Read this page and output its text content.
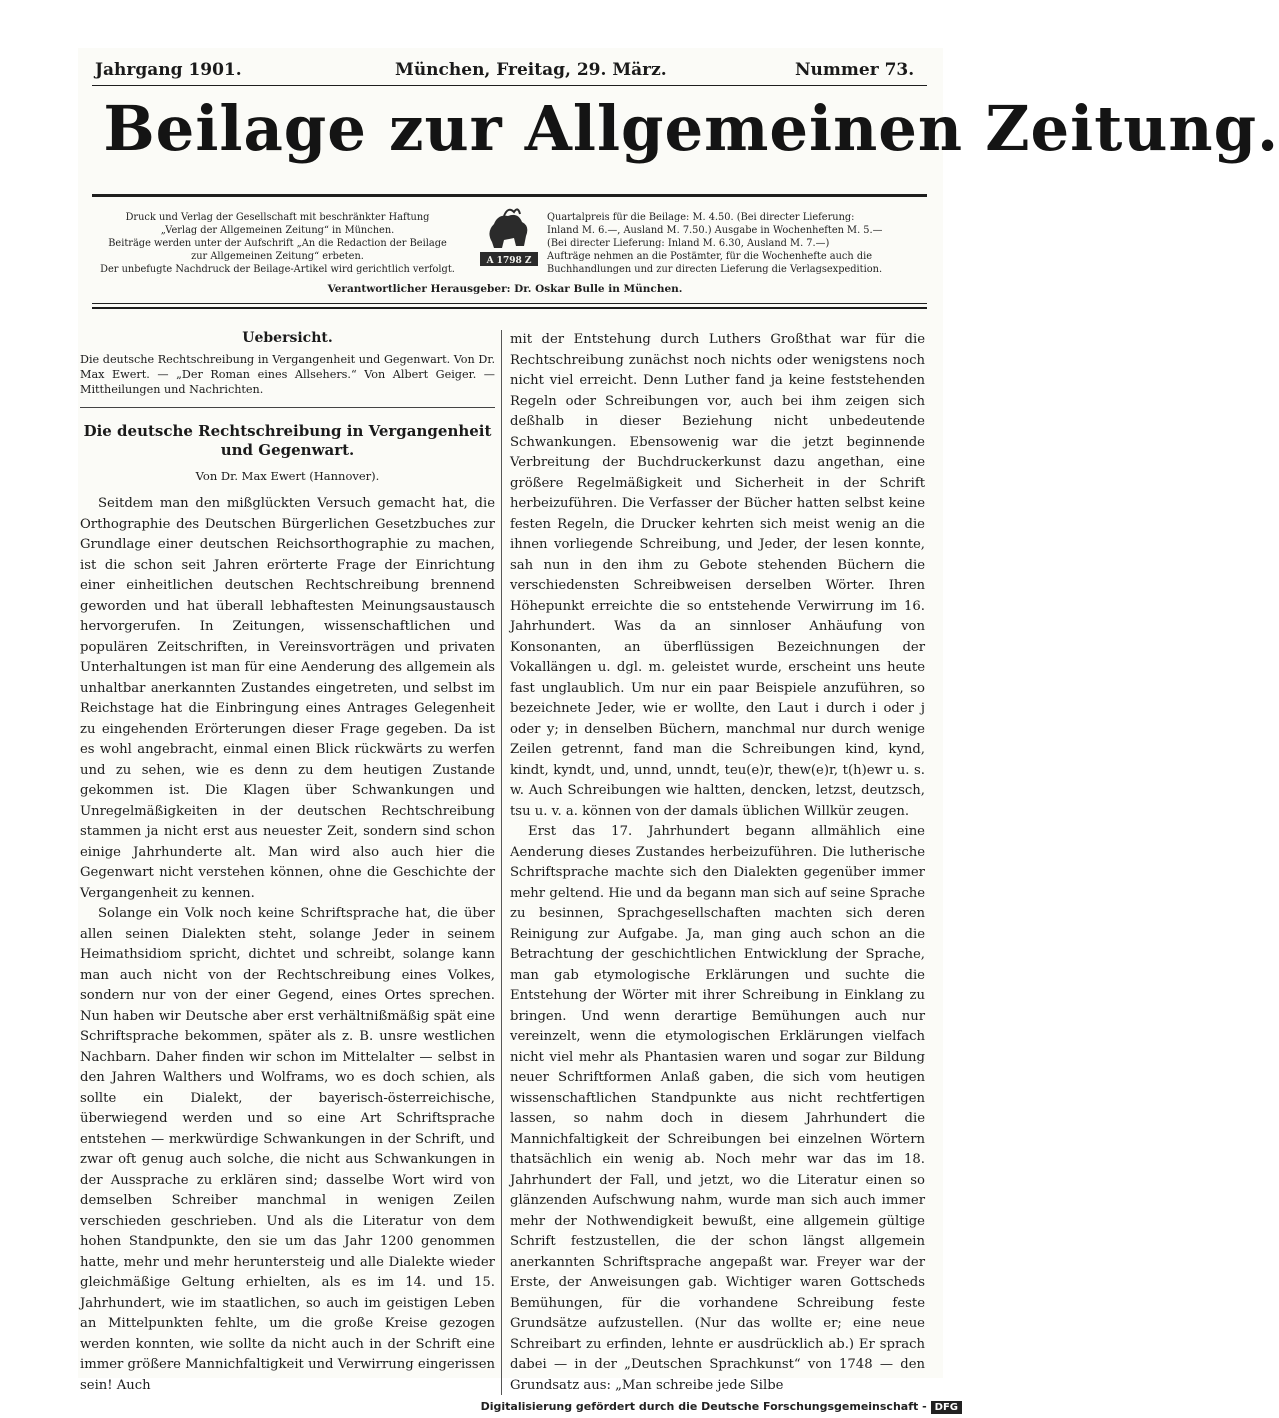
Jahrgang 1901.	München, Freitag, 29. März.	Nummer 73.
Beilage zur Allgemeinen Zeitung.
Druck und Verlag der Gesellschaft mit beschränkter Haftung
„Verlag der Allgemeinen Zeitung“ in München.
Beiträge werden unter der Aufschrift „An die Redaction der Beilage
zur Allgemeinen Zeitung“ erbeten.
Der unbefugte Nachdruck der Beilage-Artikel wird gerichtlich verfolgt.
A 1798 Z
Quartalpreis für die Beilage: M. 4.50. (Bei directer Lieferung:
Inland M. 6.—, Ausland M. 7.50.) Ausgabe in Wochenheften M. 5.—
(Bei directer Lieferung: Inland M. 6.30, Ausland M. 7.—)
Aufträge nehmen an die Postämter, für die Wochenhefte auch die
Buchhandlungen und zur directen Lieferung die Verlagsexpedition.
Verantwortlicher Herausgeber: Dr. Oskar Bulle in München.
Uebersicht.

Die deutsche Rechtschreibung in Vergangenheit und Gegenwart. Von Dr. Max Ewert. — „Der Roman eines Allsehers.“ Von Albert Geiger. — Mittheilungen und Nachrichten.

Die deutsche Rechtschreibung in Vergangenheit und Gegenwart.
Von Dr. Max Ewert (Hannover).

Seitdem man den mißglückten Versuch gemacht hat, die Orthographie des Deutschen Bürgerlichen Gesetzbuches zur Grundlage einer deutschen Reichsorthographie zu machen, ist die schon seit Jahren erörterte Frage der Einrichtung einer einheitlichen deutschen Rechtschreibung brennend geworden und hat überall lebhaftesten Meinungsaustausch hervorgerufen. In Zeitungen, wissenschaftlichen und populären Zeitschriften, in Vereinsvorträgen und privaten Unterhaltungen ist man für eine Aenderung des allgemein als unhaltbar anerkannten Zustandes eingetreten, und selbst im Reichstage hat die Einbringung eines Antrages Gelegenheit zu eingehenden Erörterungen dieser Frage gegeben. Da ist es wohl angebracht, einmal einen Blick rückwärts zu werfen und zu sehen, wie es denn zu dem heutigen Zustande gekommen ist. Die Klagen über Schwankungen und Unregelmäßigkeiten in der deutschen Rechtschreibung stammen ja nicht erst aus neuester Zeit, sondern sind schon einige Jahrhunderte alt. Man wird also auch hier die Gegenwart nicht verstehen können, ohne die Geschichte der Vergangenheit zu kennen.

Solange ein Volk noch keine Schriftsprache hat, die über allen seinen Dialekten steht, solange Jeder in seinem Heimathsidiom spricht, dichtet und schreibt, solange kann man auch nicht von der Rechtschreibung eines Volkes, sondern nur von der einer Gegend, eines Ortes sprechen. Nun haben wir Deutsche aber erst verhältnißmäßig spät eine Schriftsprache bekommen, später als z. B. unsre westlichen Nachbarn. Daher finden wir schon im Mittelalter — selbst in den Jahren Walthers und Wolframs, wo es doch schien, als sollte ein Dialekt, der bayerisch-österreichische, überwiegend werden und so eine Art Schriftsprache entstehen — merkwürdige Schwankungen in der Schrift, und zwar oft genug auch solche, die nicht aus Schwankungen in der Aussprache zu erklären sind; dasselbe Wort wird von demselben Schreiber manchmal in wenigen Zeilen verschieden geschrieben. Und als die Literatur von dem hohen Standpunkte, den sie um das Jahr 1200 genommen hatte, mehr und mehr heruntersteig und alle Dialekte wieder gleichmäßige Geltung erhielten, als es im 14. und 15. Jahrhundert, wie im staatlichen, so auch im geistigen Leben an Mittelpunkten fehlte, um die große Kreise gezogen werden konnten, wie sollte da nicht auch in der Schrift eine immer größere Mannichfaltigkeit und Verwirrung eingerissen sein! Auch

mit der Entstehung durch Luthers Großthat war für die Rechtschreibung zunächst noch nichts oder wenigstens noch nicht viel erreicht. Denn Luther fand ja keine feststehenden Regeln oder Schreibungen vor, auch bei ihm zeigen sich deßhalb in dieser Beziehung nicht unbedeutende Schwankungen. Ebensowenig war die jetzt beginnende Verbreitung der Buchdruckerkunst dazu angethan, eine größere Regelmäßigkeit und Sicherheit in der Schrift herbeizuführen. Die Verfasser der Bücher hatten selbst keine festen Regeln, die Drucker kehrten sich meist wenig an die ihnen vorliegende Schreibung, und Jeder, der lesen konnte, sah nun in den ihm zu Gebote stehenden Büchern die verschiedensten Schreibweisen derselben Wörter. Ihren Höhepunkt erreichte die so entstehende Verwirrung im 16. Jahrhundert. Was da an sinnloser Anhäufung von Konsonanten, an überflüssigen Bezeichnungen der Vokallängen u. dgl. m. geleistet wurde, erscheint uns heute fast unglaublich. Um nur ein paar Beispiele anzuführen, so bezeichnete Jeder, wie er wollte, den Laut i durch i oder j oder y; in denselben Büchern, manchmal nur durch wenige Zeilen getrennt, fand man die Schreibungen kind, kynd, kindt, kyndt, und, unnd, unndt, teu(e)r, thew(e)r, t(h)ewr u. s. w. Auch Schreibungen wie haltten, dencken, letzst, deutzsch, tsu u. v. a. können von der damals üblichen Willkür zeugen.

Erst das 17. Jahrhundert begann allmählich eine Aenderung dieses Zustandes herbeizuführen. Die lutherische Schriftsprache machte sich den Dialekten gegenüber immer mehr geltend. Hie und da begann man sich auf seine Sprache zu besinnen, Sprachgesellschaften machten sich deren Reinigung zur Aufgabe. Ja, man ging auch schon an die Betrachtung der geschichtlichen Entwicklung der Sprache, man gab etymologische Erklärungen und suchte die Entstehung der Wörter mit ihrer Schreibung in Einklang zu bringen. Und wenn derartige Bemühungen auch nur vereinzelt, wenn die etymologischen Erklärungen vielfach nicht viel mehr als Phantasien waren und sogar zur Bildung neuer Schriftformen Anlaß gaben, die sich vom heutigen wissenschaftlichen Standpunkte aus nicht rechtfertigen lassen, so nahm doch in diesem Jahrhundert die Mannichfaltigkeit der Schreibungen bei einzelnen Wörtern thatsächlich ein wenig ab. Noch mehr war das im 18. Jahrhundert der Fall, und jetzt, wo die Literatur einen so glänzenden Aufschwung nahm, wurde man sich auch immer mehr der Nothwendigkeit bewußt, eine allgemein gültige Schrift festzustellen, die der schon längst allgemein anerkannten Schriftsprache angepaßt war. Freyer war der Erste, der Anweisungen gab. Wichtiger waren Gottscheds Bemühungen, für die vorhandene Schreibung feste Grundsätze aufzustellen. (Nur das wollte er; eine neue Schreibart zu erfinden, lehnte er ausdrücklich ab.) Er sprach dabei — in der „Deutschen Sprachkunst“ von 1748 — den Grundsatz aus: „Man schreibe jede Silbe

Digitalisierung gefördert durch die Deutsche Forschungsgemeinschaft - DFG
